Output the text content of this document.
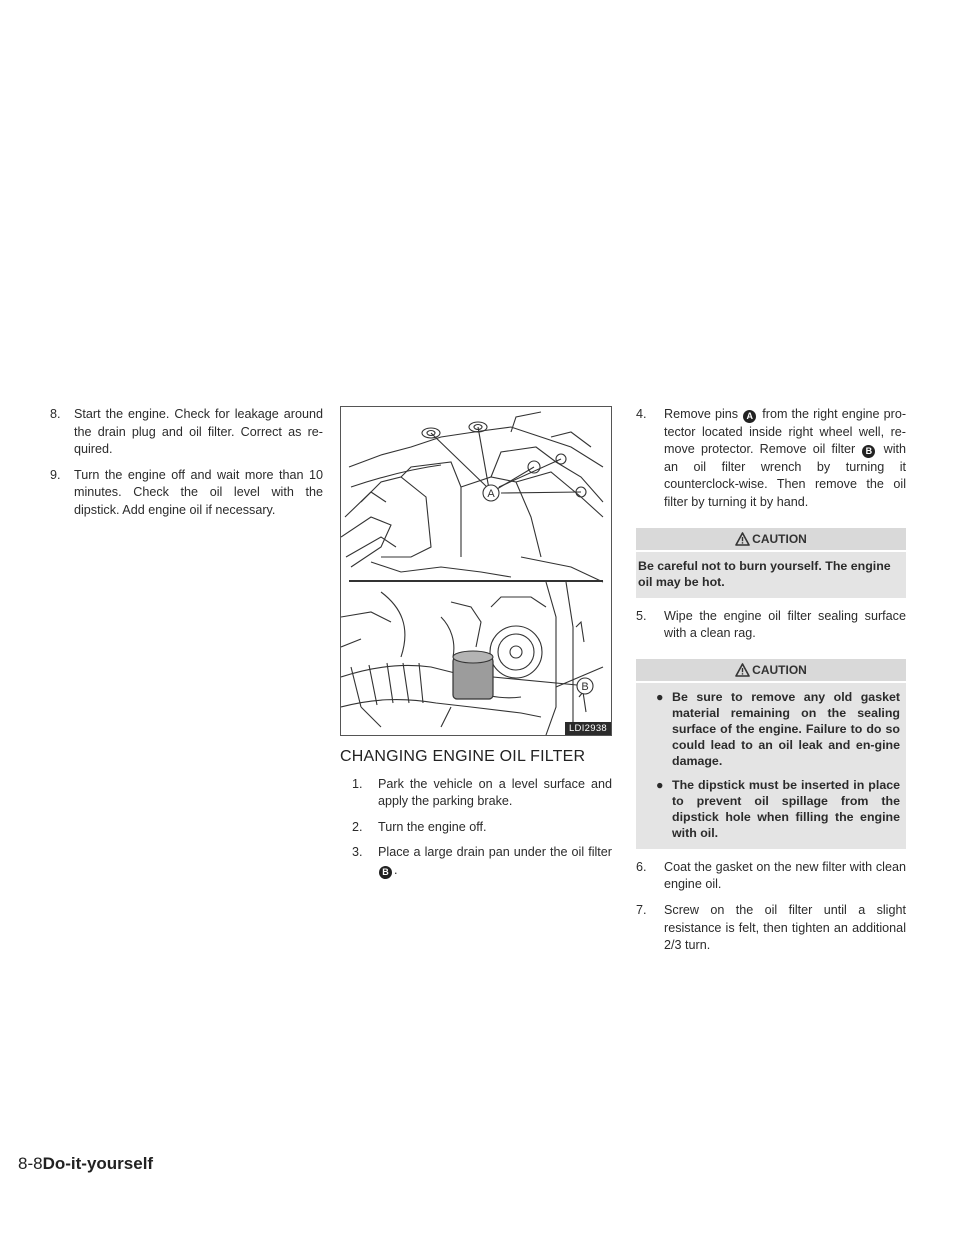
8. Start the engine. Check for leakage around the drain plug and oil filter. Correct as re-quired.
9. Turn the engine off and wait more than 10 minutes. Check the oil level with the dipstick. Add engine oil if necessary.
A
B
LDI2938
CHANGING ENGINE OIL FILTER
1. Park the vehicle on a level surface and apply the parking brake.
2. Turn the engine off.
3. Place a large drain pan under the oil filterB .
4. Remove pins A from the right engine pro-tector located inside right wheel well, re-move protector. Remove oil filter B with an oil filter wrench by turning it counterclock-wise. Then remove the oil filter by turning it by hand.
CAUTION
Be careful not to burn yourself. The engine oil may be hot.
5. Wipe the engine oil filter sealing surface with a clean rag.
CAUTION
● Be sure to remove any old gasket material remaining on the sealing surface of the engine. Failure to do so could lead to an oil leak and en-gine damage.
● The dipstick must be inserted in place to prevent oil spillage from the dipstick hole when filling the engine with oil.
6. Coat the gasket on the new filter with clean engine oil.
7. Screw on the oil filter until a slight resistance is felt, then tighten an additional 2/3 turn.
8-8Do-it-yourself
